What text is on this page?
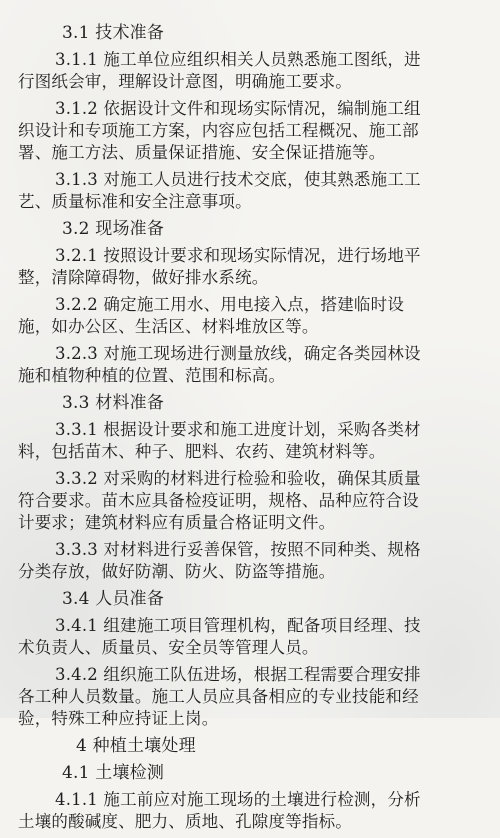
3.1 技术准备
3.1.1 施工单位应组织相关人员熟悉施工图纸，进
行图纸会审，理解设计意图，明确施工要求。
3.1.2 依据设计文件和现场实际情况，编制施工组
织设计和专项施工方案，内容应包括工程概况、施工部
署、施工方法、质量保证措施、安全保证措施等。
3.1.3 对施工人员进行技术交底，使其熟悉施工工
艺、质量标准和安全注意事项。
3.2 现场准备
3.2.1 按照设计要求和现场实际情况，进行场地平
整，清除障碍物，做好排水系统。
3.2.2 确定施工用水、用电接入点，搭建临时设
施，如办公区、生活区、材料堆放区等。
3.2.3 对施工现场进行测量放线，确定各类园林设
施和植物种植的位置、范围和标高。
3.3 材料准备
3.3.1 根据设计要求和施工进度计划，采购各类材
料，包括苗木、种子、肥料、农药、建筑材料等。
3.3.2 对采购的材料进行检验和验收，确保其质量
符合要求。苗木应具备检疫证明，规格、品种应符合设
计要求；建筑材料应有质量合格证明文件。
3.3.3 对材料进行妥善保管，按照不同种类、规格
分类存放，做好防潮、防火、防盗等措施。
3.4 人员准备
3.4.1 组建施工项目管理机构，配备项目经理、技
术负责人、质量员、安全员等管理人员。
3.4.2 组织施工队伍进场，根据工程需要合理安排
各工种人员数量。施工人员应具备相应的专业技能和经
验，特殊工种应持证上岗。
4 种植土壤处理
4.1 土壤检测
4.1.1 施工前应对施工现场的土壤进行检测，分析
土壤的酸碱度、肥力、质地、孔隙度等指标。
